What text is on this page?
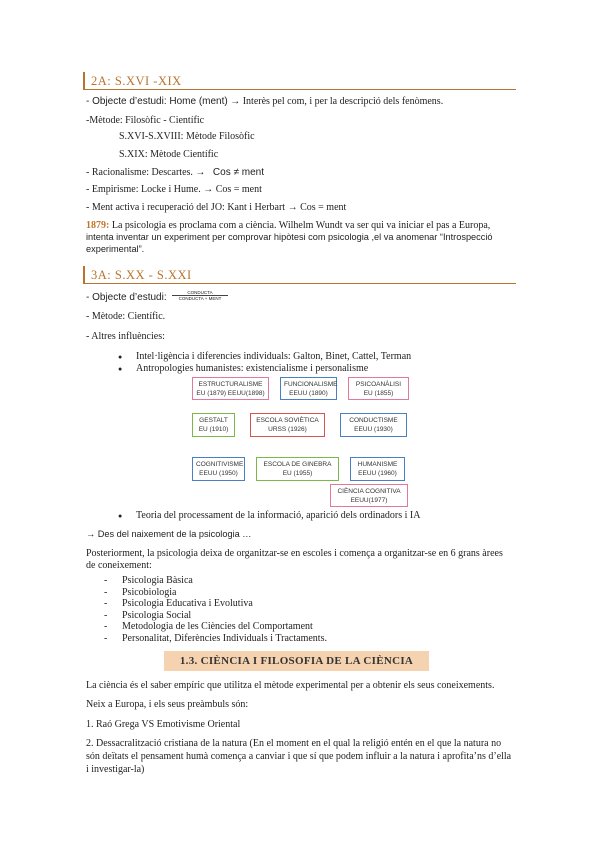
2A: S.XVI -XIX
- Objecte d’estudi: Home (ment) → Interès pel com, i per la descripció dels fenòmens.
-Mètode: Filosòfic - Científic
S.XVI-S.XVIII: Mètode Filosòfic
S.XIX: Mètode Científic
- Racionalisme: Descartes. → Cos ≠ ment
- Empirisme: Locke i Hume. → Cos = ment
- Ment activa i recuperació del JO: Kant i Herbart → Cos = ment
1879: La psicologia es proclama com a ciència. Wilhelm Wundt va ser qui va iniciar el pas a Europa,
intenta inventar un experiment per comprovar hipòtesi com psicologia ,el va anomenar “Introspecció
experimental”.
3A: S.XX - S.XXI
- Objecte d’estudi:	CONDUCTA
CONDUCTA + MENT
- Mètode: Científic.
- Altres influències:
● Intel·ligència i diferencies individuals: Galton, Binet, Cattel, Terman
● Antropologies humanistes: existencialisme i personalisme
ESTRUCTURALISME
EU (1879) EEUU(1898)
FUNCIONALISME
EEUU (1890)
PSICOANÀLISI
EU (1855)
GESTALT
EU (1910)
ESCOLA SOVIÈTICA
URSS (1926)
CONDUCTISME
EEUU (1930)
COGNITIVISME
EEUU (1950)
ESCOLA DE GINEBRA
EU (1955)
HUMANISME
EEUU (1960)
CIÈNCIA COGNITIVA
EEUU(1977)
● Teoria del processament de la informació, aparició dels ordinadors i IA
→ Des del naixement de la psicologia …
Posteriorment, la psicologia deixa de organitzar-se en escoles i comença a organitzar-se en 6 grans àrees
de coneixement:
- Psicologia Bàsica
- Psicobiologia
- Psicologia Educativa i Evolutiva
- Psicologia Social
- Metodologia de les Ciències del Comportament
- Personalitat, Diferències Individuals i Tractaments.
1.3. CIÈNCIA I FILOSOFIA DE LA CIÈNCIA
La ciència és el saber empíric que utilitza el mètode experimental per a obtenir els seus coneixements.
Neix a Europa, i els seus preàmbuls són:
1. Raó Grega VS Emotivisme Oriental
2. Dessacralització cristiana de la natura (En el moment en el qual la religió entén en el que la natura no
són deïtats el pensament humà comença a canviar i que sí que podem influir a la natura i aprofita’ns d’ella
i investigar-la)
